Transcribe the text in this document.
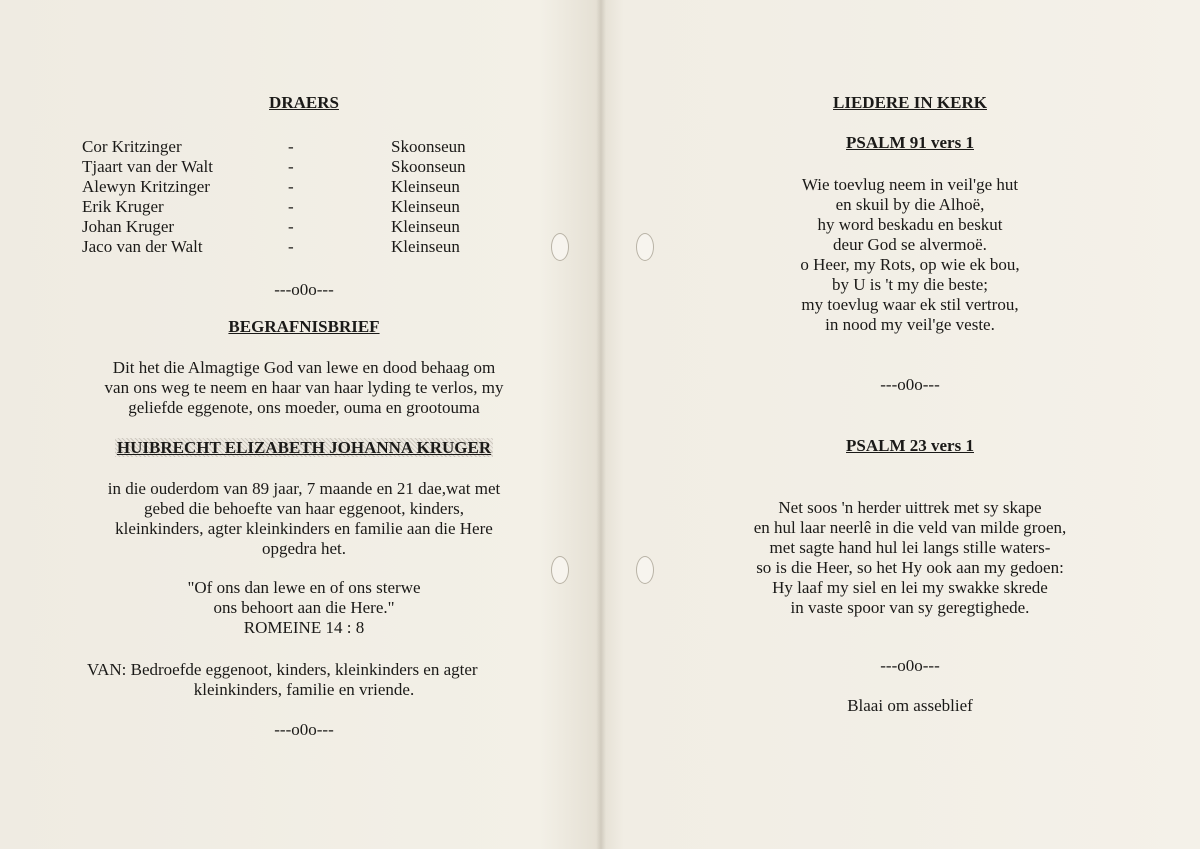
DRAERS
Cor Kritzinger	-	Skoonseun
Tjaart van der Walt	-	Skoonseun
Alewyn Kritzinger	-	Kleinseun
Erik Kruger	-	Kleinseun
Johan Kruger	-	Kleinseun
Jaco van der Walt	-	Kleinseun
---o0o---
BEGRAFNISBRIEF
Dit het die Almagtige God van lewe en dood behaag om
van ons weg te neem en haar van haar lyding te verlos, my
geliefde eggenote, ons moeder, ouma en grootouma
HUIBRECHT ELIZABETH JOHANNA KRUGER
in die ouderdom van 89 jaar, 7 maande en 21 dae,wat met
gebed die behoefte van haar eggenoot, kinders,
kleinkinders, agter kleinkinders en familie aan die Here
opgedra het.
"Of ons dan lewe en of ons sterwe
ons behoort aan die Here."
ROMEINE 14 : 8
VAN: Bedroefde eggenoot, kinders, kleinkinders en agter
kleinkinders, familie en vriende.
---o0o---
LIEDERE IN KERK
PSALM 91 vers 1
Wie toevlug neem in veil'ge hut
en skuil by die Alhoë,
hy word beskadu en beskut
deur God se alvermoë.
o Heer, my Rots, op wie ek bou,
by U is 't my die beste;
my toevlug waar ek stil vertrou,
in nood my veil'ge veste.
---o0o---
PSALM 23 vers 1
Net soos 'n herder uittrek met sy skape
en hul laar neerlê in die veld van milde groen,
met sagte hand hul lei langs stille waters-
so is die Heer, so het Hy ook aan my gedoen:
Hy laaf my siel en lei my swakke skrede
in vaste spoor van sy geregtighede.
---o0o---
Blaai om asseblief
